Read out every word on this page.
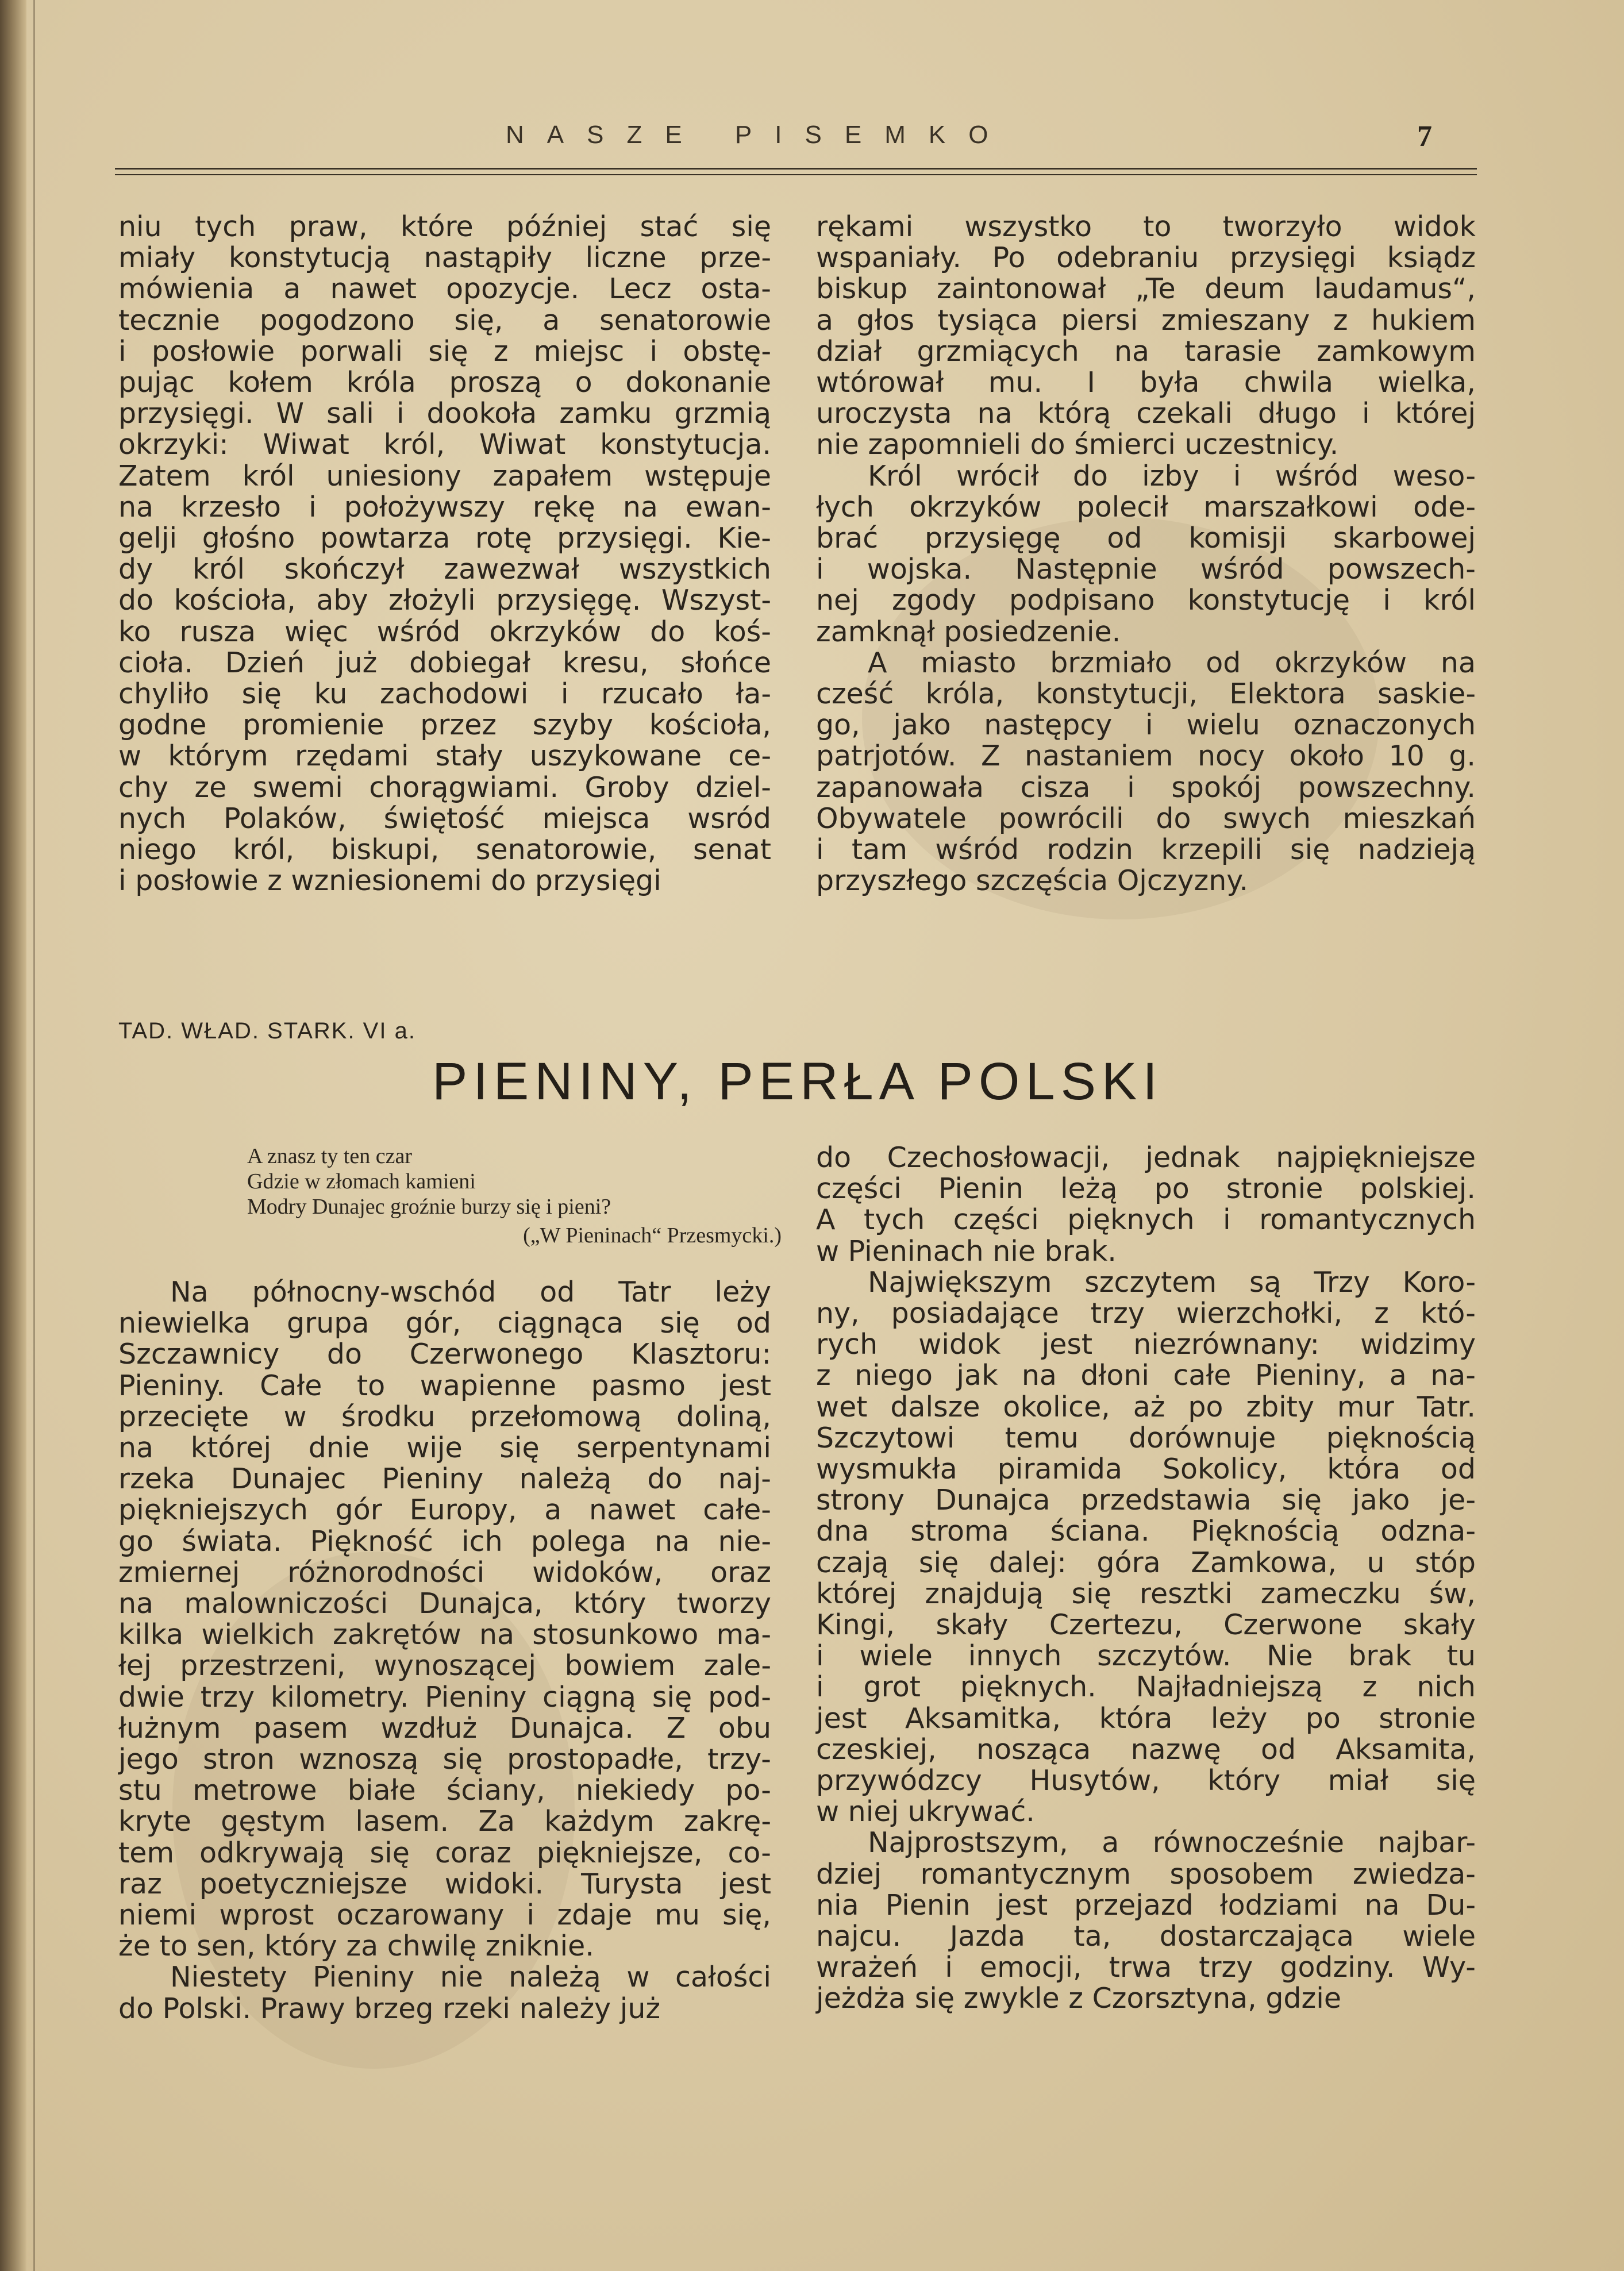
NASZE PISEMKO	7

niu tych praw, które później stać się
miały konstytucją nastąpiły liczne prze-
mówienia a nawet opozycje. Lecz osta-
tecznie pogodzono się, a senatorowie
i posłowie porwali się z miejsc i obstę-
pując kołem króla proszą o dokonanie
przysięgi. W sali i dookoła zamku grzmią
okrzyki: Wiwat król, Wiwat konstytucja.
Zatem król uniesiony zapałem wstępuje
na krzesło i położywszy rękę na ewan-
gelji głośno powtarza rotę przysięgi. Kie-
dy król skończył zawezwał wszystkich
do kościoła, aby złożyli przysięgę. Wszyst-
ko rusza więc wśród okrzyków do koś-
cioła. Dzień już dobiegał kresu, słońce
chyliło się ku zachodowi i rzucało ła-
godne promienie przez szyby kościoła,
w którym rzędami stały uszykowane ce-
chy ze swemi chorągwiami. Groby dziel-
nych Polaków, świętość miejsca wsród
niego król, biskupi, senatorowie, senat
i posłowie z wzniesionemi do przysięgi

rękami wszystko to tworzyło widok
wspaniały. Po odebraniu przysięgi ksiądz
biskup zaintonował „Te deum laudamus“,
a głos tysiąca piersi zmieszany z hukiem
dział grzmiących na tarasie zamkowym
wtórował mu. I była chwila wielka,
uroczysta na którą czekali długo i której
nie zapomnieli do śmierci uczestnicy.

Król wrócił do izby i wśród weso-
łych okrzyków polecił marszałkowi ode-
brać przysięgę od komisji skarbowej
i wojska. Następnie wśród powszech-
nej zgody podpisano konstytucję i król
zamknął posiedzenie.

A miasto brzmiało od okrzyków na
cześć króla, konstytucji, Elektora saskie-
go, jako następcy i wielu oznaczonych
patrjotów. Z nastaniem nocy około 10 g.
zapanowała cisza i spokój powszechny.
Obywatele powrócili do swych mieszkań
i tam wśród rodzin krzepili się nadzieją
przyszłego szczęścia Ojczyzny.

TAD. WŁAD. STARK. VI a.
PIENINY, PERŁA POLSKI
A znasz ty ten czar
Gdzie w złomach kamieni
Modry Dunajec groźnie burzy się i pieni?
(„W Pieninach“ Przesmycki.)

Na północny-wschód od Tatr leży
niewielka grupa gór, ciągnąca się od
Szczawnicy do Czerwonego Klasztoru:
Pieniny. Całe to wapienne pasmo jest
przecięte w środku przełomową doliną,
na której dnie wije się serpentynami
rzeka Dunajec Pieniny należą do naj-
piękniejszych gór Europy, a nawet całe-
go świata. Piękność ich polega na nie-
zmiernej różnorodności widoków, oraz
na malowniczości Dunajca, który tworzy
kilka wielkich zakrętów na stosunkowo ma-
łej przestrzeni, wynoszącej bowiem zale-
dwie trzy kilometry. Pieniny ciągną się pod-
łużnym pasem wzdłuż Dunajca. Z obu
jego stron wznoszą się prostopadłe, trzy-
stu metrowe białe ściany, niekiedy po-
kryte gęstym lasem. Za każdym zakrę-
tem odkrywają się coraz piękniejsze, co-
raz poetyczniejsze widoki. Turysta jest
niemi wprost oczarowany i zdaje mu się,
że to sen, który za chwilę zniknie.

Niestety Pieniny nie należą w całości
do Polski. Prawy brzeg rzeki należy już

do Czechosłowacji, jednak najpiękniejsze
części Pienin leżą po stronie polskiej.
A tych części pięknych i romantycznych
w Pieninach nie brak.

Największym szczytem są Trzy Koro-
ny, posiadające trzy wierzchołki, z któ-
rych widok jest niezrównany: widzimy
z niego jak na dłoni całe Pieniny, a na-
wet dalsze okolice, aż po zbity mur Tatr.
Szczytowi temu dorównuje pięknością
wysmukła piramida Sokolicy, która od
strony Dunajca przedstawia się jako je-
dna stroma ściana. Pięknością odzna-
czają się dalej: góra Zamkowa, u stóp
której znajdują się resztki zameczku św,
Kingi, skały Czertezu, Czerwone skały
i wiele innych szczytów. Nie brak tu
i grot pięknych. Najładniejszą z nich
jest Aksamitka, która leży po stronie
czeskiej, nosząca nazwę od Aksamita,
przywódzcy Husytów, który miał się
w niej ukrywać.

Najprostszym, a równocześnie najbar-
dziej romantycznym sposobem zwiedza-
nia Pienin jest przejazd łodziami na Du-
najcu. Jazda ta, dostarczająca wiele
wrażeń i emocji, trwa trzy godziny. Wy-
jeżdża się zwykle z Czorsztyna, gdzie
